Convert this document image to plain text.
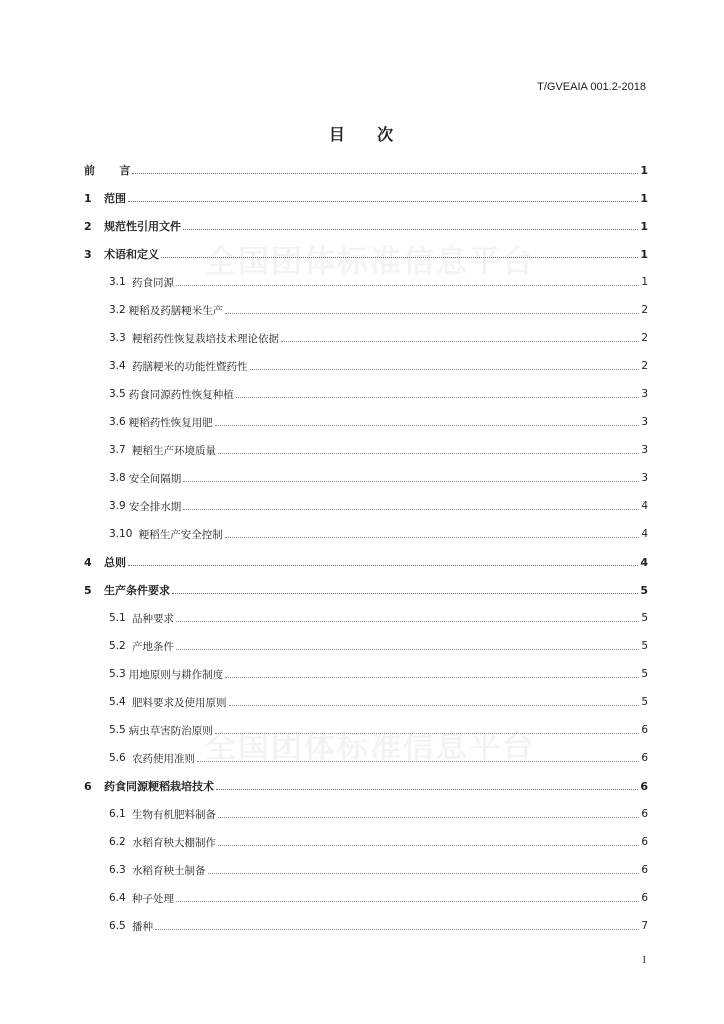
T/GVEAIA 001.2-2018
目    次
前 言	1
1	范围	1
2	规范性引用文件	1
3	术语和定义	1
3.1 药食同源	1
3.2 粳稻及药膳粳米生产	2
3.3 粳稻药性恢复栽培技术理论依据	2
3.4 药膳粳米的功能性暨药性	2
3.5 药食同源药性恢复种植	3
3.6 粳稻药性恢复用肥	3
3.7 粳稻生产环境质量	3
3.8 安全间隔期	3
3.9 安全排水期	4
3.10 粳稻生产安全控制	4
4	总则	4
5	生产条件要求	5
5.1 品种要求	5
5.2 产地条件	5
5.3 用地原则与耕作制度	5
5.4 肥料要求及使用原则	5
5.5 病虫草害防治原则	6
5.6 农药使用准则	6
6	药食同源粳稻栽培技术	6
6.1 生物有机肥料制备	6
6.2 水稻育秧大棚制作	6
6.3 水稻育秧土制备	6
6.4 种子处理	6
6.5 播种	7
I
